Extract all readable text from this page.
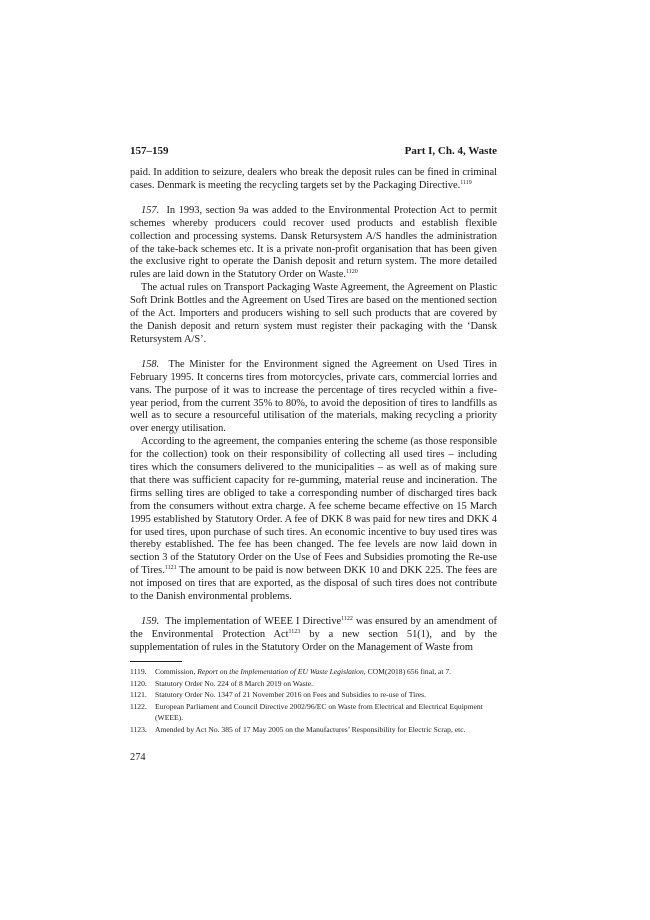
157–159	Part I, Ch. 4, Waste

paid. In addition to seizure, dealers who break the deposit rules can be fined in criminal cases. Denmark is meeting the recycling targets set by the Packaging Directive.$^{1119}$

157. In 1993, section 9a was added to the Environmental Protection Act to permit schemes whereby producers could recover used products and establish flexible collection and processing systems. Dansk Retursystem A/S handles the administration of the take-back schemes etc. It is a private non-profit organisation that has been given the exclusive right to operate the Danish deposit and return system. The more detailed rules are laid down in the Statutory Order on Waste.$^{1120}$

The actual rules on Transport Packaging Waste Agreement, the Agreement on Plastic Soft Drink Bottles and the Agreement on Used Tires are based on the mentioned section of the Act. Importers and producers wishing to sell such products that are covered by the Danish deposit and return system must register their packaging with the ‘Dansk Retursystem A/S’.

158. The Minister for the Environment signed the Agreement on Used Tires in February 1995. It concerns tires from motorcycles, private cars, commercial lorries and vans. The purpose of it was to increase the percentage of tires recycled within a five-year period, from the current 35% to 80%, to avoid the deposition of tires to landfills as well as to secure a resourceful utilisation of the materials, making recycling a priority over energy utilisation.

According to the agreement, the companies entering the scheme (as those responsible for the collection) took on their responsibility of collecting all used tires – including tires which the consumers delivered to the municipalities – as well as of making sure that there was sufficient capacity for re-gumming, material reuse and incineration. The firms selling tires are obliged to take a corresponding number of discharged tires back from the consumers without extra charge. A fee scheme became effective on 15 March 1995 established by Statutory Order. A fee of DKK 8 was paid for new tires and DKK 4 for used tires, upon purchase of such tires. An economic incentive to buy used tires was thereby established. The fee has been changed. The fee levels are now laid down in section 3 of the Statutory Order on the Use of Fees and Subsidies promoting the Re-use of Tires.$^{1121}$ The amount to be paid is now between DKK 10 and DKK 225. The fees are not imposed on tires that are exported, as the disposal of such tires does not contribute to the Danish environmental problems.

159. The implementation of WEEE I Directive$^{1122}$ was ensured by an amendment of the Environmental Protection Act$^{1123}$ by a new section 51(1), and by the supplementation of rules in the Statutory Order on the Management of Waste from

1119.	Commission, Report on the Implementation of EU Waste Legislation, COM(2018) 656 final, at 7.
1120.	Statutory Order No. 224 of 8 March 2019 on Waste.
1121.	Statutory Order No. 1347 of 21 November 2016 on Fees and Subsidies to re-use of Tires.
1122.	European Parliament and Council Directive 2002/96/EC on Waste from Electrical and Electrical Equipment (WEEE).
1123.	Amended by Act No. 385 of 17 May 2005 on the Manufactures’ Responsibility for Electric Scrap, etc.
274
